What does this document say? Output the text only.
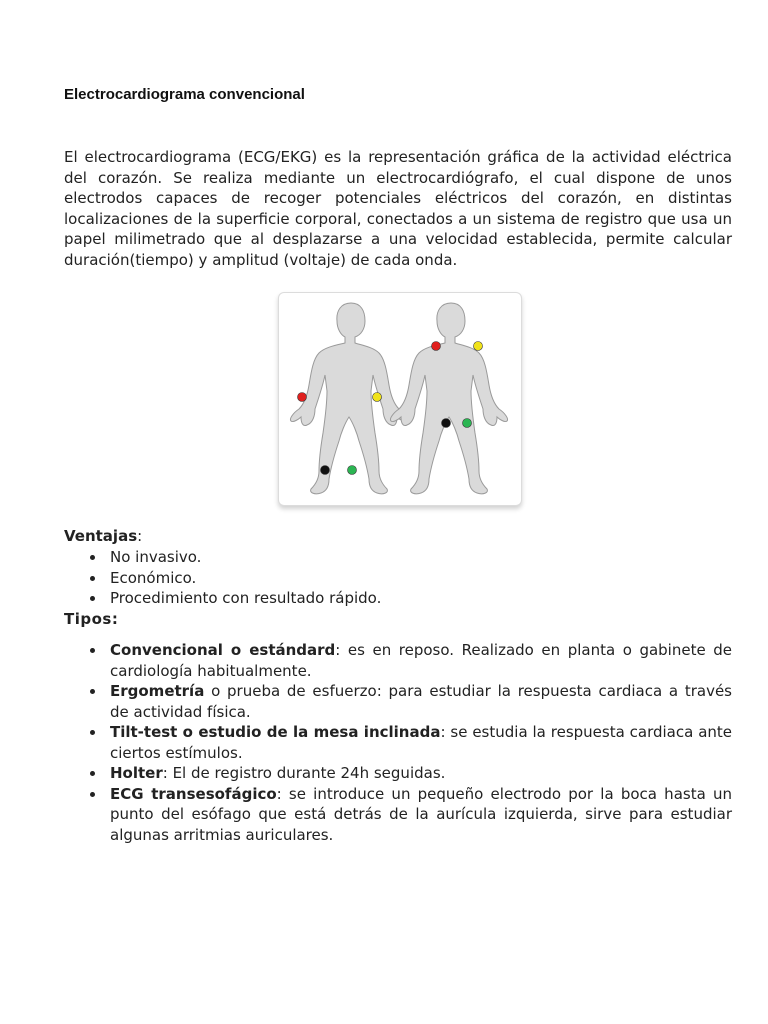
Electrocardiograma convencional

El electrocardiograma (ECG/EKG) es la representación gráfica de la actividad eléctrica del corazón. Se realiza mediante un electrocardiógrafo, el cual dispone de unos electrodos capaces de recoger potenciales eléctricos del corazón, en distintas localizaciones de la superficie corporal, conectados a un sistema de registro que usa un papel milimetrado que al desplazarse a una velocidad establecida, permite calcular duración(tiempo) y amplitud (voltaje) de cada onda.

Ventajas:
No invasivo.
Económico.
Procedimiento con resultado rápido.
Tipos:
Convencional o estándard: es en reposo. Realizado en planta o gabinete de cardiología habitualmente.
Ergometría o prueba de esfuerzo: para estudiar la respuesta cardiaca a través de actividad física.
Tilt-test o estudio de la mesa inclinada: se estudia la respuesta cardiaca ante ciertos estímulos.
Holter: El de registro durante 24h seguidas.
ECG transesofágico: se introduce un pequeño electrodo por la boca hasta un punto del esófago que está detrás de la aurícula izquierda, sirve para estudiar algunas arritmias auriculares.
